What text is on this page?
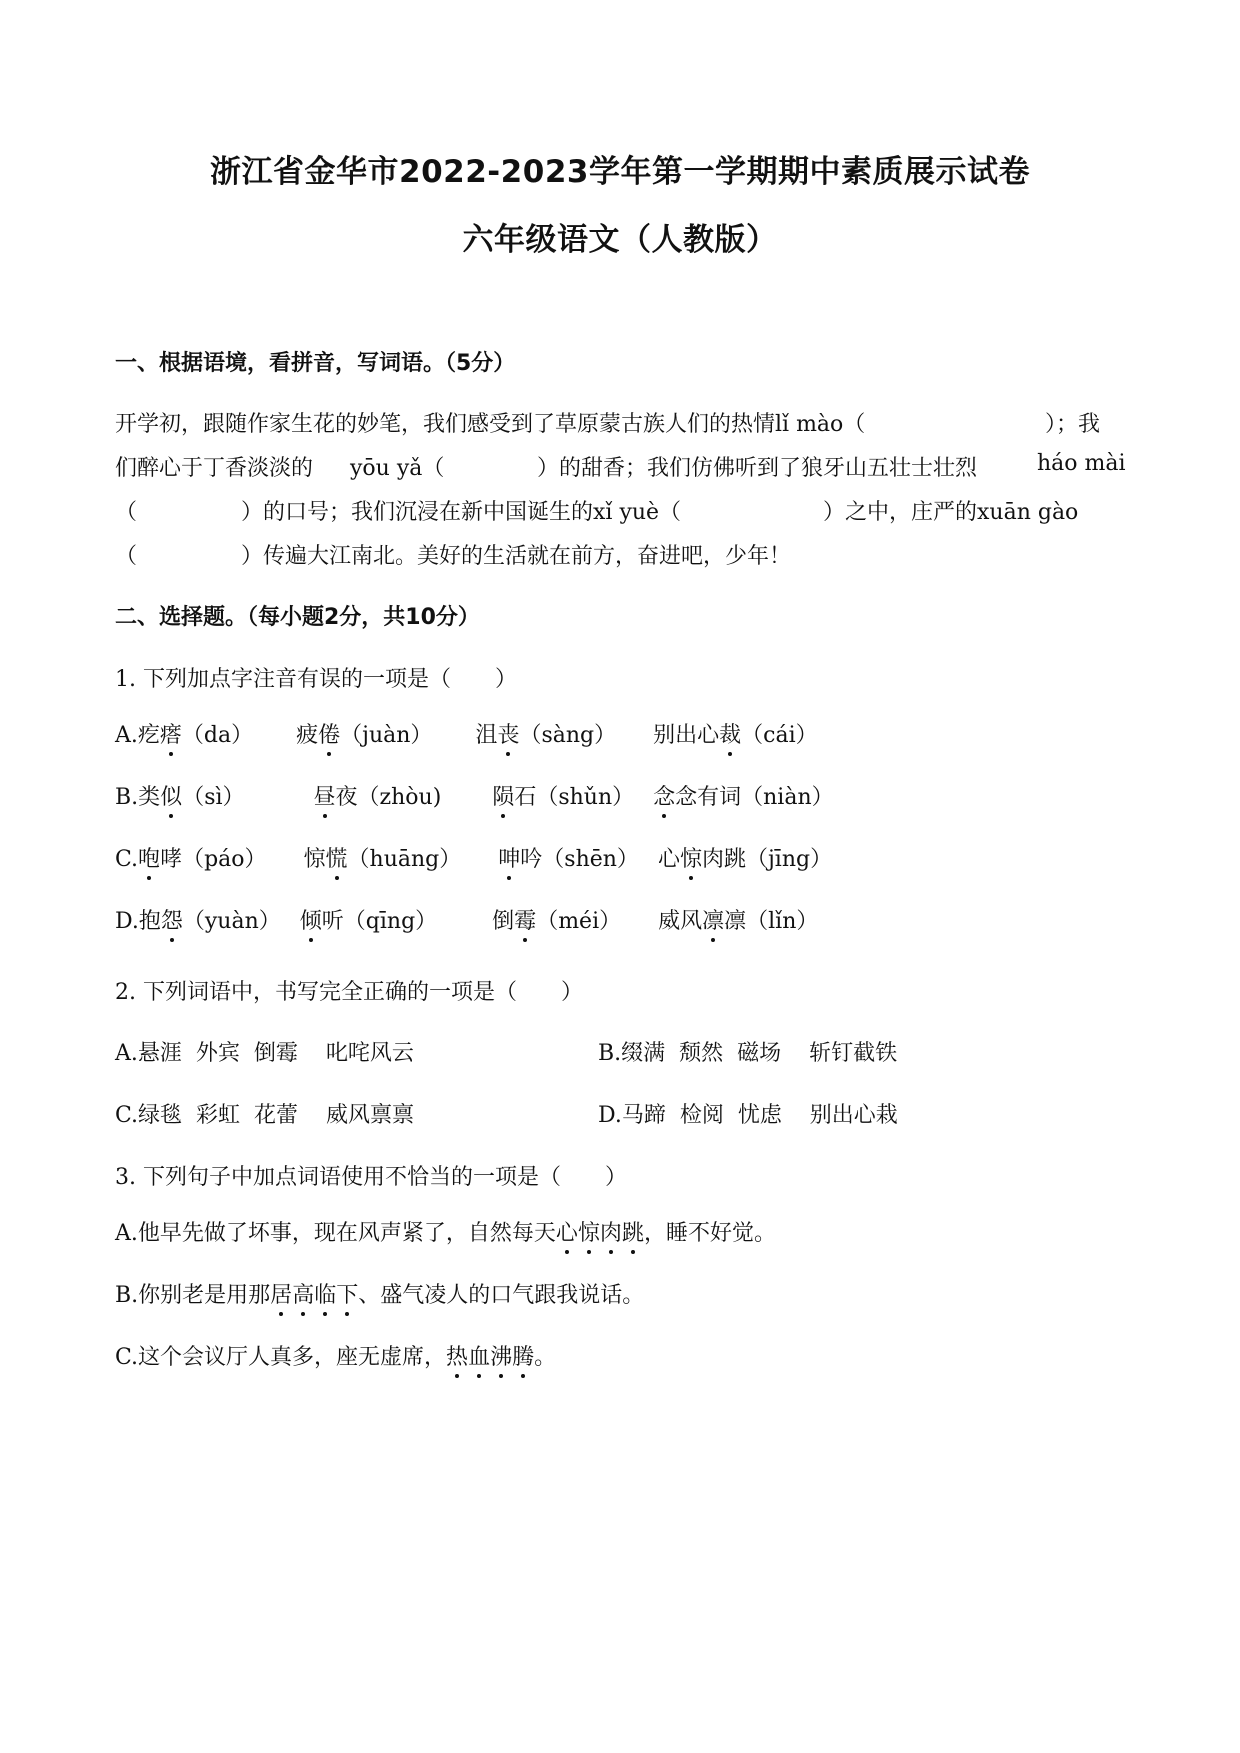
浙江省金华市2022-2023学年第一学期期中素质展示试卷
六年级语文（人教版）
一、根据语境，看拼音，写词语。（5分）
开学初，跟随作家生花的妙笔，我们感受到了草原蒙古族人们的热情lǐ mào（	）；我
们醉心于丁香淡淡的 yōu yǎ（	）的甜香；我们仿佛听到了狼牙山五壮士壮烈	háo mài
（	）的口号；我们沉浸在新中国诞生的xǐ yuè（	）之中，庄严的xuān gào
（	）传遍大江南北。美好的生活就在前方，奋进吧，少年！
二、选择题。（每小题2分，共10分）
1. 下列加点字注音有误的一项是（　　）
A.疙瘩（da） 疲倦（juàn） 沮丧（sàng） 别出心裁（cái）
B.类似（sì）	昼夜（zhòu) 陨石（shǔn） 念念有词（niàn）
C.咆哮（páo） 惊慌（huāng） 呻吟（shēn） 心惊肉跳（jīng）
D.抱怨（yuàn） 倾听（qīng）	倒霉（méi） 威风凛凛（lǐn）
2. 下列词语中，书写完全正确的一项是（　　）
A.悬涯  外宾  倒霉    叱咤风云	B.缀满  颓然  磁场    斩钉截铁
C.绿毯  彩虹  花蕾    威风禀禀	D.马蹄  检阅  忧虑    别出心栽
3. 下列句子中加点词语使用不恰当的一项是（　　）
A.他早先做了坏事，现在风声紧了，自然每天心惊肉跳，睡不好觉。
B.你别老是用那居高临下、盛气凌人的口气跟我说话。
C.这个会议厅人真多，座无虚席，热血沸腾。
